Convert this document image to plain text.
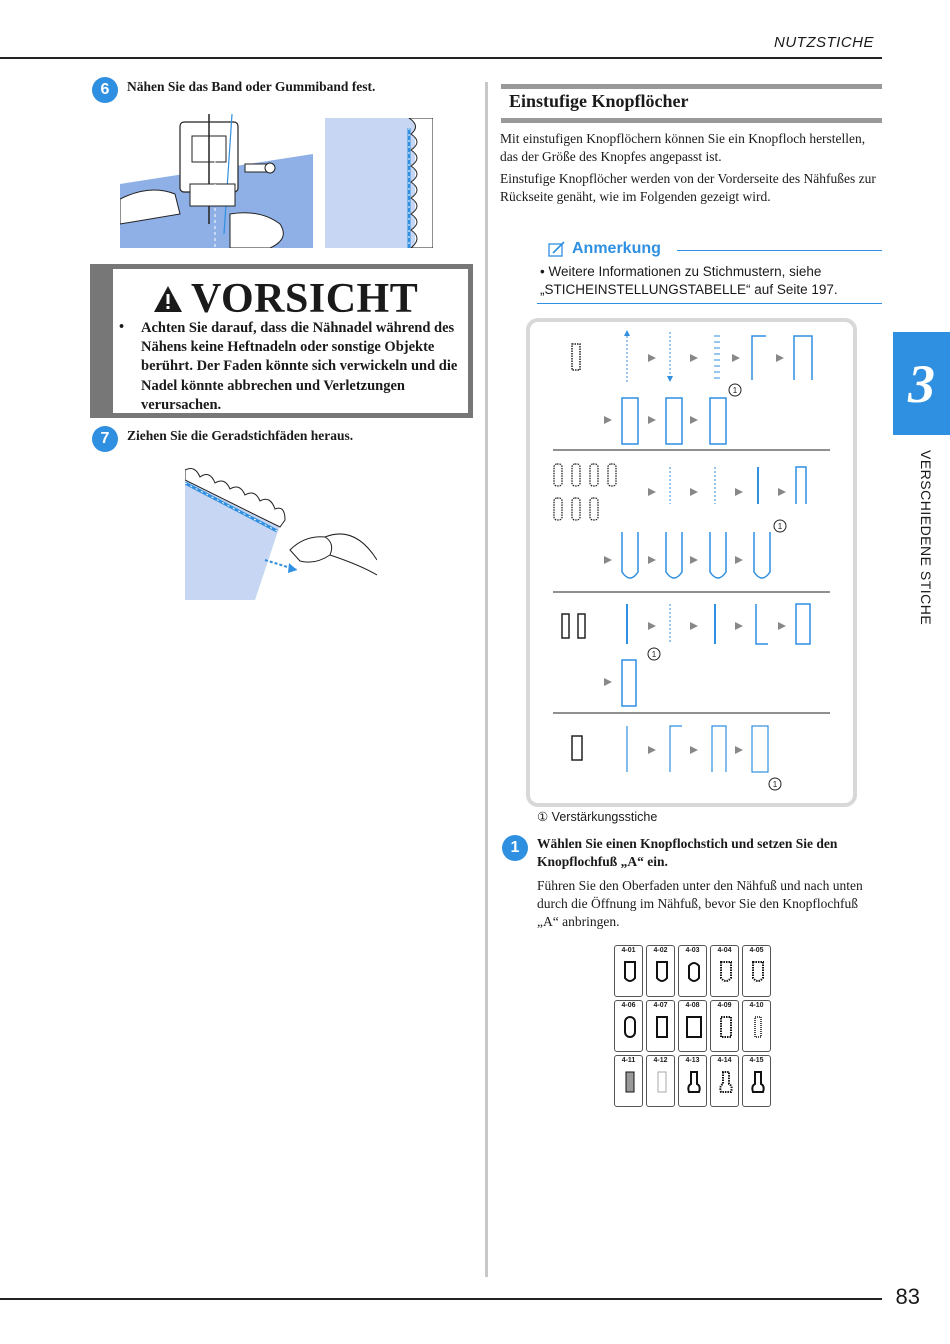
NUTZSTICHE
6	Nähen Sie das Band oder Gummiband fest.
VORSICHT
• Achten Sie darauf, dass die Nähnadel während des Nähens keine Heftnadeln oder sonstige Objekte berührt. Der Faden könnte sich verwickeln und die Nadel könnte abbrechen und Verletzungen verursachen.
7	Ziehen Sie die Geradstichfäden heraus.
Einstufige Knopflöcher
Mit einstufigen Knopflöchern können Sie ein Knopfloch herstellen, das der Größe des Knopfes angepasst ist.
Einstufige Knopflöcher werden von der Vorderseite des Nähfußes zur Rückseite genäht, wie im Folgenden gezeigt wird.
Anmerkung
• Weitere Informationen zu Stichmustern, siehe „STICHEINSTELLUNGSTABELLE“ auf Seite 197.
1
1
1
1
① Verstärkungsstiche
1	Wählen Sie einen Knopflochstich und setzen Sie den Knopflochfuß „A“ ein.
Führen Sie den Oberfaden unter den Nähfuß und nach unten durch die Öffnung im Nähfuß, bevor Sie den Knopflochfuß „A“ anbringen.
4-01	4-02	4-03	4-04	4-05
4-06	4-07	4-08	4-09	4-10
4-11	4-12	4-13	4-14	4-15
3
VERSCHIEDENE STICHE
83
